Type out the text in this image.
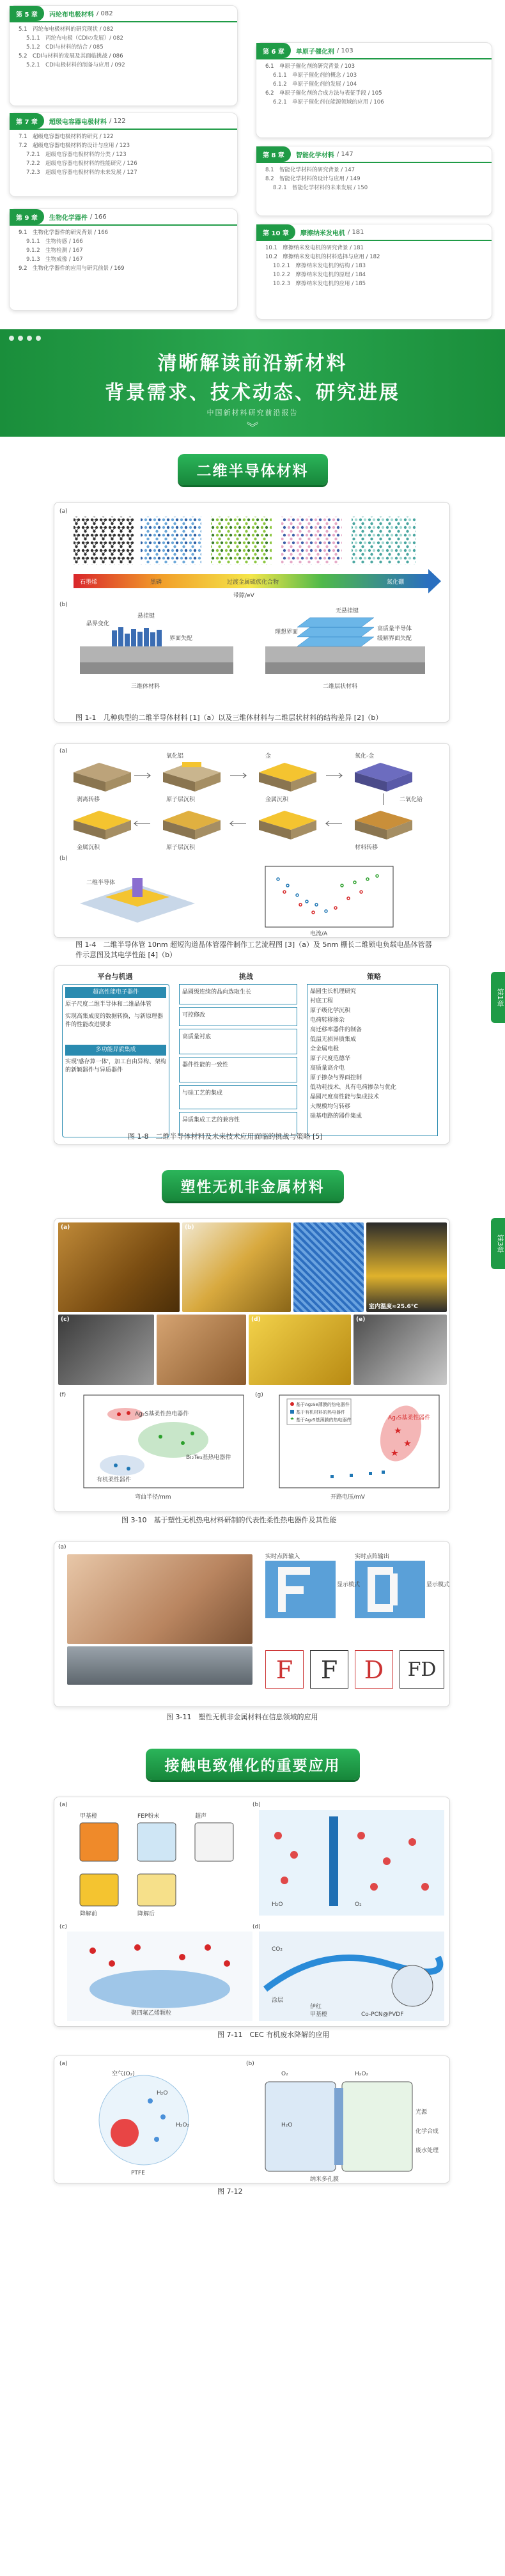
第 5 章	丙纶布电极材料 / 082
5.1　丙纶布电极材料的研究现状 / 082
5.1.1　丙纶布电极（CDIの发展）/ 082
5.1.2　CDI与材料的结合 / 085
5.2　CDI与材料的发展及其面临挑战 / 086
5.2.1　CDI电极材料的制备与应用 / 092
第 6 章	单原子催化剂 / 103
6.1　单原子催化剂的研究背景 / 103
6.1.1　单原子催化剂的概念 / 103
6.1.2　单原子催化剂的发展 / 104
6.2　单原子催化剂的合成方法与表征手段 / 105
6.2.1　单原子催化剂在能源领域的应用 / 106
第 7 章	超级电容器电极材料 / 122
7.1　超级电容器电极材料的研究 / 122
7.2　超级电容器电极材料的设计与应用 / 123
7.2.1　超级电容器电极材料的分类 / 123
7.2.2　超级电容器电极材料的性能研究 / 126
7.2.3　超级电容器电极材料的未来发展 / 127
第 8 章	智能化学材料 / 147
8.1　智能化学材料的研究背景 / 147
8.2　智能化学材料的设计与应用 / 149
8.2.1　智能化学材料的未来发展 / 150
第 9 章	生物化学器件 / 166
9.1　生物化学器件的研究背景 / 166
9.1.1　生物传感 / 166
9.1.2　生物检测 / 167
9.1.3　生物成像 / 167
9.2　生物化学器件的应用与研究前景 / 169
第 10 章	摩擦纳米发电机 / 181
10.1　摩擦纳米发电机的研究背景 / 181
10.2　摩擦纳米发电机的材料选择与应用 / 182
10.2.1　摩擦纳米发电机的结构 / 183
10.2.2　摩擦纳米发电机的原理 / 184
10.2.3　摩擦纳米发电机的应用 / 185
清晰解读前沿新材料
背景需求、技术动态、研究进展
中国新材料研究前沿报告
︾
二维半导体材料
(a)
石墨烯	黑磷	过渡金属硫族化合物	氮化硼
带隙/eV
(b)
悬挂键
晶界变化
界面失配
三维体材料
无悬挂键
理想界面	高质量半导体
缓解界面失配
二维层状材料
图 1-1　几种典型的二维半导体材料 [1]（a）以及三维体材料与二维层状材料的结构差异 [2]（b）
(a)
剥离转移
氧化铝	金
原子层沉积	金属沉积
金属沉积
氧化-金
二氧化铪
原子层沉积	材料转移
(b)
二维半导体
电流/A
图 1-4　二维半导体管 10nm 超短沟道晶体管器件制作工艺流程图 [3]（a）及 5nm 栅长二维锁电负载电晶体管器件示意图及其电学性能 [4]（b）
平台与机遇	挑战	策略
超高性能电子器件
原子尺度二维半导体和二维晶体管
实现高集成度的数据转换，与新原理器件的性能改进要求
多功能异质集成
实现'感存算一体'，加工自由异构、架构的新颖器件与异质器件
晶圆级连续的晶向选取生长
可控修改
高质量衬底
器件性能的一致性
与硅工艺的集成
异质集成工艺的兼容性
晶圆生长机理研究
衬底工程
原子级化学沉积
电荷转移掺杂
高迁移率器件的制备
低温无损异质集成
全金属电极
原子尺度范德华
高质量高介电
原子掺杂与界面控制
低功耗技术、具有电荷掺杂与优化
晶圆尺度高性能与集成技术
大规模均匀转移
硅基电路的器件集成
第1章
图 1-8　二维半导体材料及未来技术应用面临的挑战与策略 [5]
塑性无机非金属材料
(a)	(b)
室内温度≈25.6°C
(c)	(d)	(e)
(f)
Ag₂S基柔性热电器件
Bi₂Te₃基热电器件
有机柔性器件
弯曲半径/mm
(g)
基于Ag₂Se薄膜的热电器件
基于有机材料的热电器件
基于Ag₂S基薄膜的热电器件	Ag₂S基柔性器件
开路电压/mV
第3章
图 3-10　基于塑性无机热电材料研制的代表性柔性热电器件及其性能
(a)
实时点阵输入	实时点阵输出
显示模式	显示模式
F	F	D	FD
图 3-11　塑性无机非金属材料在信息领域的应用
接触电致催化的重要应用
(a)
甲基橙	FEP粉末	超声
降解前	降解后
(b)
H₂O	O₂
(c)
聚四氟乙烯颗粒
(d)
CO₂
涂层
伊红
甲基橙	Co-PCN@PVDF
图 7-11　CEC 有机废水降解的应用
(a)
空气(O₂)
H₂O
H₂O₂
PTFE
(b)
O₂
H₂O
纳米多孔膜
H₂O₂
光源
化学合成
废水处理
图 7-12
